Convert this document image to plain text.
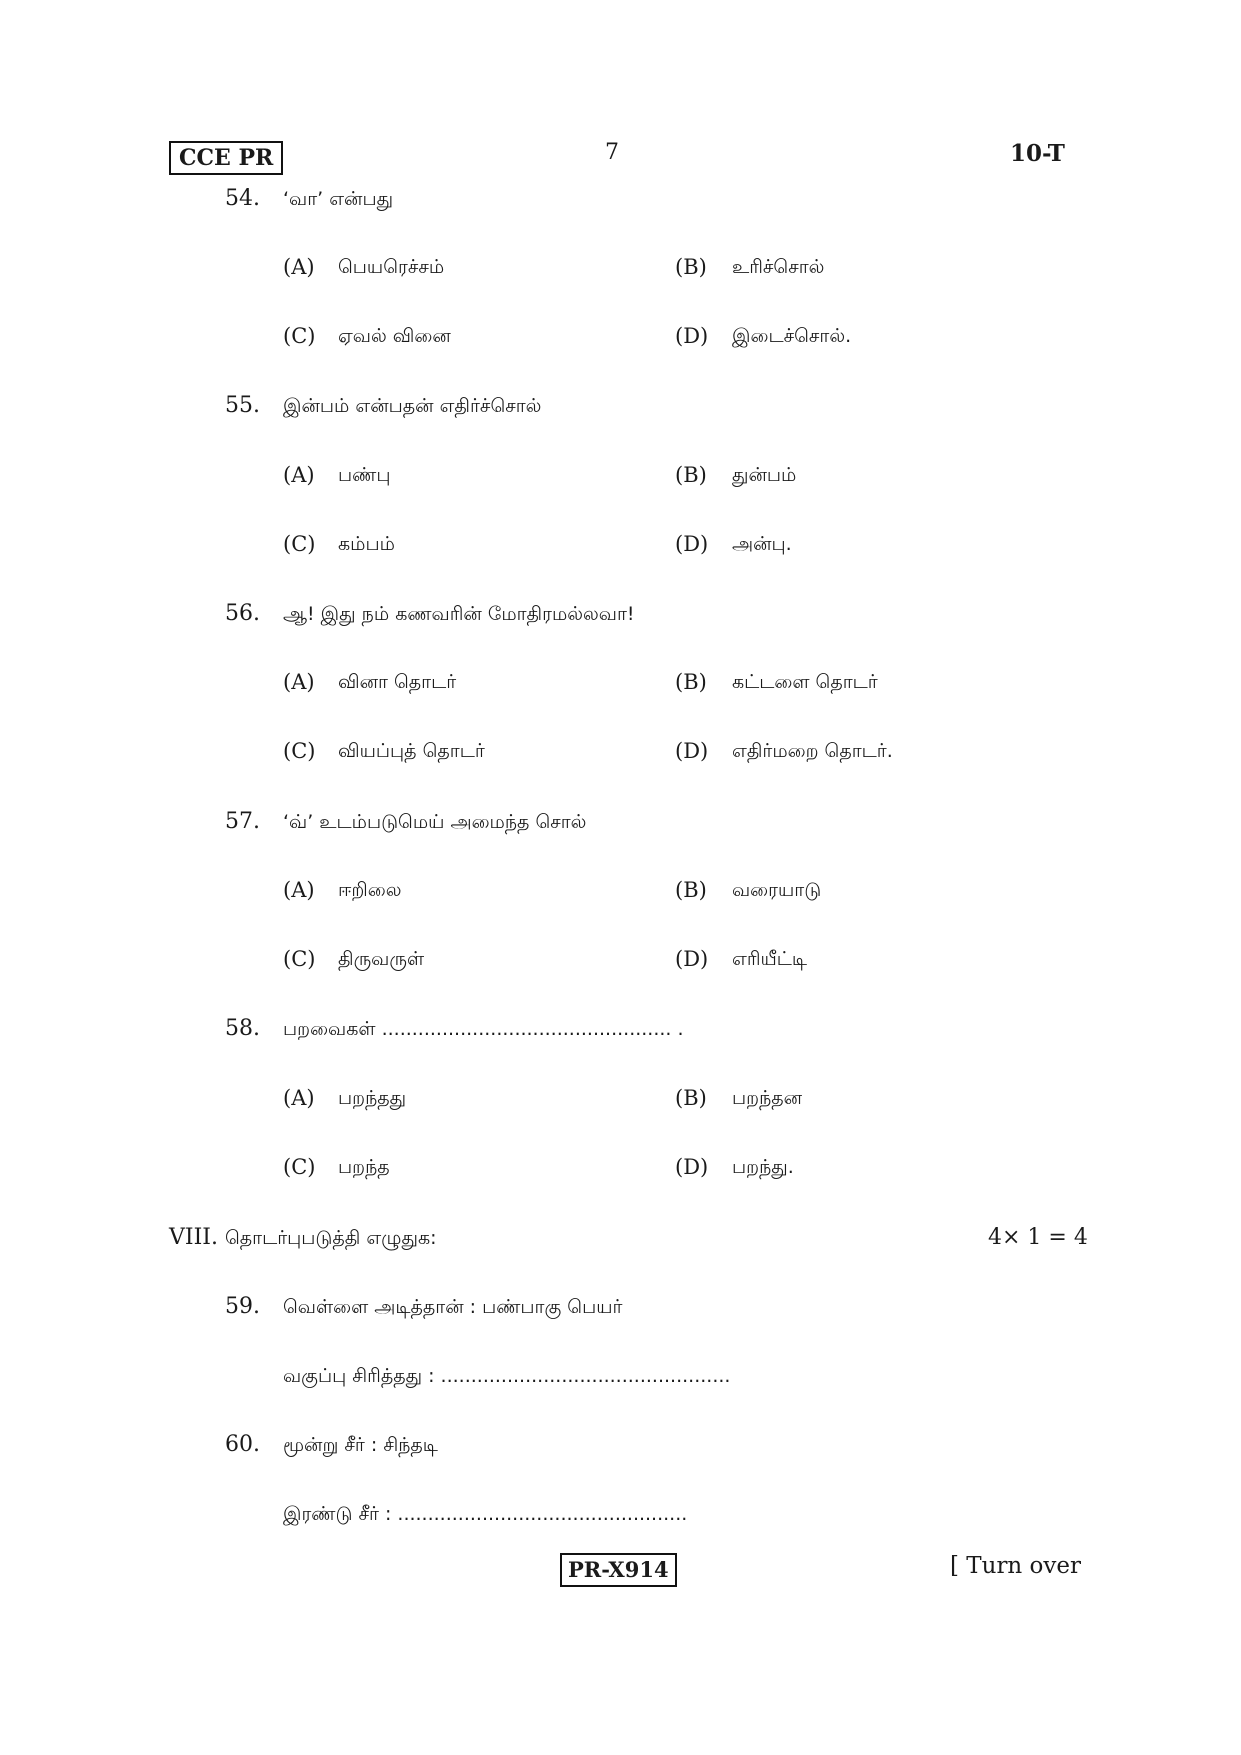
CCE PR	7	10-T
54. ‘வா’ என்பது
(A) பெயரெச்சம்	(B) உரிச்சொல்
(C) ஏவல் வினை	(D) இடைச்சொல்.
55. இன்பம் என்பதன் எதிர்ச்சொல்
(A) பண்பு	(B) துன்பம்
(C) கம்பம்	(D) அன்பு.
56. ஆ! இது நம் கணவரின் மோதிரமல்லவா!
(A) வினா தொடர்	(B) கட்டளை தொடர்
(C) வியப்புத் தொடர்	(D) எதிர்மறை தொடர்.
57. ‘வ்’ உடம்படுமெய் அமைந்த சொல்
(A) ஈறிலை	(B) வரையாடு
(C) திருவருள்	(D) எரியீட்டி
58. பறவைகள் ................................................ .
(A) பறந்தது	(B) பறந்தன
(C) பறந்த	(D) பறந்து.
VIII. தொடர்புபடுத்தி எழுதுக:	4× 1 = 4
59. வெள்ளை அடித்தான் : பண்பாகு பெயர்
வகுப்பு சிரித்தது : ................................................
60. மூன்று சீர் : சிந்தடி
இரண்டு சீர் : ................................................
PR-X914	[ Turn over
